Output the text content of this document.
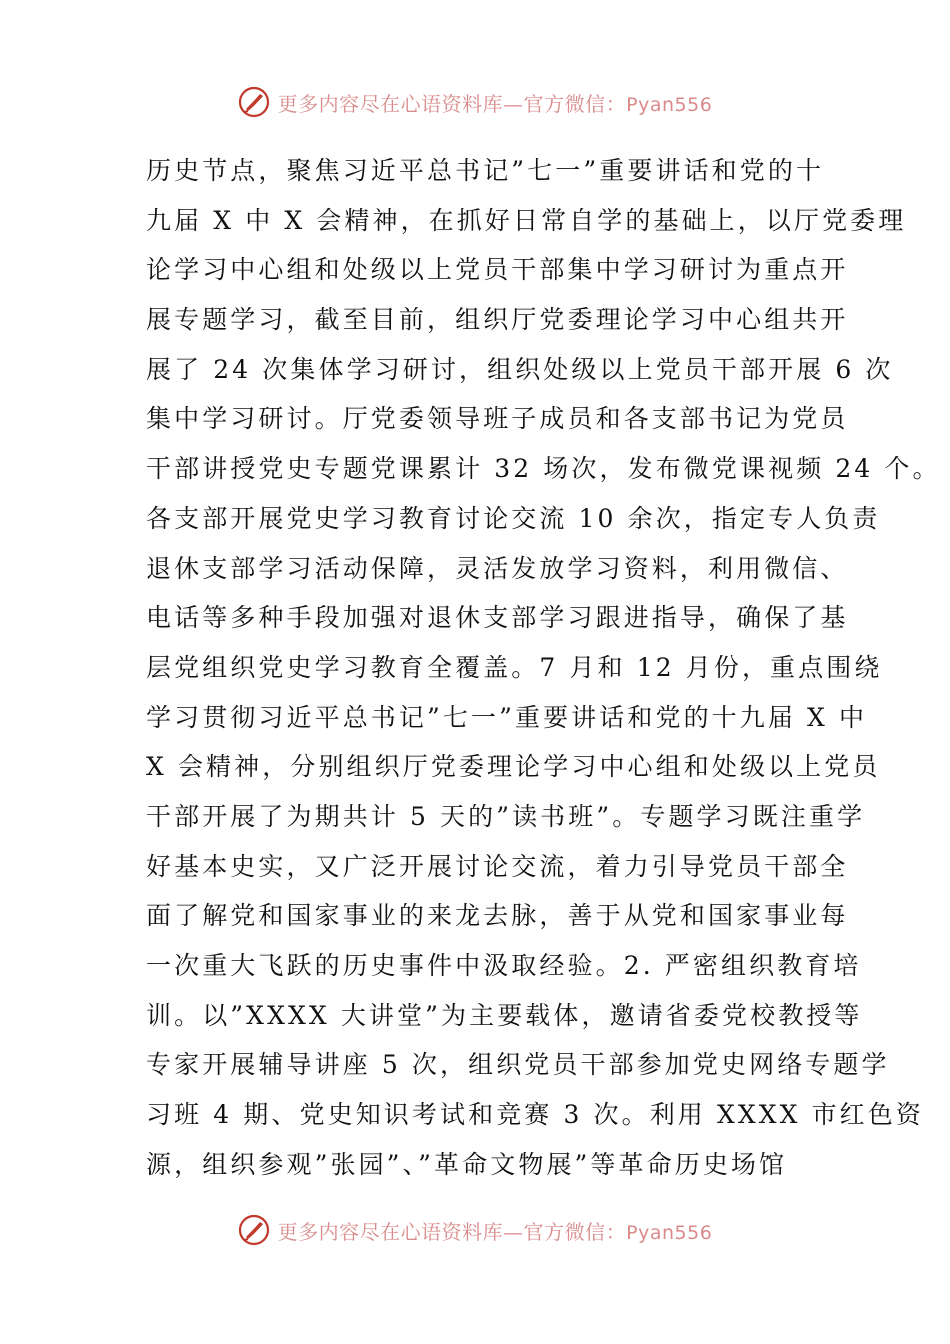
更多内容尽在心语资料库—官方微信：Pyan556
历史节点，聚焦习近平总书记”七一”重要讲话和党的十
九届 X 中 X 会精神，在抓好日常自学的基础上，以厅党委理
论学习中心组和处级以上党员干部集中学习研讨为重点开
展专题学习，截至目前，组织厅党委理论学习中心组共开
展了 24 次集体学习研讨，组织处级以上党员干部开展 6 次
集中学习研讨。厅党委领导班子成员和各支部书记为党员
干部讲授党史专题党课累计 32 场次，发布微党课视频 24 个。
各支部开展党史学习教育讨论交流 10 余次，指定专人负责
退休支部学习活动保障，灵活发放学习资料，利用微信、
电话等多种手段加强对退休支部学习跟进指导，确保了基
层党组织党史学习教育全覆盖。7 月和 12 月份，重点围绕
学习贯彻习近平总书记”七一”重要讲话和党的十九届 X 中
X 会精神，分别组织厅党委理论学习中心组和处级以上党员
干部开展了为期共计 5 天的”读书班”。专题学习既注重学
好基本史实，又广泛开展讨论交流，着力引导党员干部全
面了解党和国家事业的来龙去脉，善于从党和国家事业每
一次重大飞跃的历史事件中汲取经验。2. 严密组织教育培
训。以”XXXX 大讲堂”为主要载体，邀请省委党校教授等
专家开展辅导讲座 5 次，组织党员干部参加党史网络专题学
习班 4 期、党史知识考试和竞赛 3 次。利用 XXXX 市红色资
源，组织参观”张园”、”革命文物展”等革命历史场馆
更多内容尽在心语资料库—官方微信：Pyan556
